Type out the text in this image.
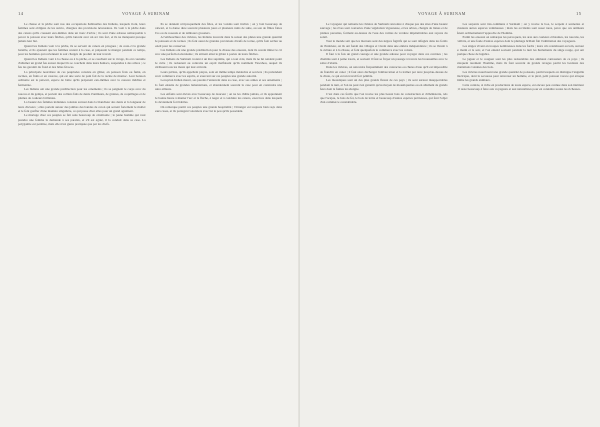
14	VOYAGE À SURINAM

Le chasse et la pêche sont nos des occupations habituelles des Indiens, lesquels n'ont, leurs femmes sont obligées de les suivre, chargées des provisions nécessaires. Ils vont à la pêche dans des canots qu'ils creusent eux-mêmes dans un tronc d'arbre ; ils sont d'une adresse remarquable à percer le poisson avec leurs flèches, qu'ils lancent avec un arc très fort, et ils ne manquent presque jamais leur but.

Quand les Indiens vont à la pêche, ils se servent de canots en pirogues ; de ceux-ci la grande bataille, et ils ajoutent que les femmes restent à la case, et préparent le manger pendant ce temps, pour les hommes qui reviennent le soir chargés du produit de leur travail.

Quand les Indiens vont à la chasse ou à la pêche, et se couchent sur le rivage, ils ont coutume d'allumer un grand feu autour duquel ils se couchent dans leurs hamacs, suspendus à des arbres ; ce feu les garantit du froid et des bêtes féroces.

La principale nourriture de ces peuplades consiste en gibier, en poisson frais ou fumé, en racines, en fruits et en cassave, qui est une sorte de pain fait de la racine de manioc. Leur boisson ordinaire est le paiwari, espèce de bière qu'ils préparent eux-mêmes avec la cassave mâchée et fermentée.

Les Indiens ont une grande prédilection pour les ornements ; ils se peignent le corps avec du roucou et du genipa, et portent des colliers faits de dents d'animaux, de graines, de coquillages et de plumes de couleurs brillantes.

La beauté des femmes indiennes consiste surtout dans la blancheur des dents et la longueur de leurs cheveux ; elles portent autour des jambes des bandes de coton qui serrent fortement le mollet et le font gonfler d'une manière singulière, ce qui passe chez elles pour un grand agrément.

Le mariage chez ces peuples se fait sans beaucoup de cérémonie ; le jeune homme qui veut prendre une femme la demande à ses parents, et s'il est agréé, il la conduit dans sa case. La polygamie est permise, mais elle n'est guère pratiquée que par les chefs.

Ils se donnent réciproquement des fêtes, et les voisins sont invités ; on y boit beaucoup de paiwari, et la danse dure souvent plusieurs jours et plusieurs nuits de suite, au son de flûtes faites d'os ou de roseaux et de tambours grossiers.

A l'embouchure des rivières, les Indiens trouvent dans la saison des pluies une grande quantité de poissons et de tortues ; ils font aussi de grandes provisions d'œufs de tortue, qu'ils font sécher au soleil pour les conserver.

Ces Indiens ont une grande prédilection pour la chasse des oiseaux, dont ils savent imiter le cri avec une perfection étonnante ; ils attirent ainsi le gibier à portée de leurs flèches.

Les Indiens de Surinam croient à un être suprême, qui a tout créé, mais ils ne lui rendent point de culte ; ils redoutent au contraire un esprit malfaisant qu'ils nomment Yawahou, auquel ils attribuent tous les maux qui leur arrivent.

Leurs prêtres, qu'ils appellent piayes, sont en même temps médecins et sorciers ; ils prétendent avoir commerce avec les esprits, et exercent sur ces peuples une grande autorité.

Lorsqu'un Indien meurt, ses parents l'enterrent dans sa case, avec ses armes et ses ornements ; ils font ensuite de grandes lamentations, et abandonnent souvent la case pour en construire une autre ailleurs.

Les enfants sont élevés avec beaucoup de douceur ; on ne les châtie jamais, et ils apprennent de bonne heure à manier l'arc et la flèche, à nager et à conduire les canots, exercices dans lesquels ils deviennent fort habiles.

On remarque parmi ces peuples une grande hospitalité ; l'étranger est toujours bien reçu dans leurs cases, et ils partagent volontiers avec lui le peu qu'ils possèdent.

VOYAGE À SURINAM	15

Le voyageur qui remonte les rivières de Surinam rencontre à chaque pas des sites d'une beauté sauvage ; les rives sont couvertes d'une végétation vigoureuse, et les arbres, chargés de lianes et de plantes parasites, forment au-dessus de l'eau des voûtes de verdure impénétrables aux rayons du soleil.

Tout le monde sait que les marrons sont des nègres fugitifs qui se sont réfugiés dans les forêts de l'intérieur, où ils ont fondé des villages et vivent dans une entière indépendance ; ils se livrent à la culture et à la chasse, et font quelquefois le commerce avec les colons.

Il faut à la fois un grand courage et une grande adresse pour voyager dans ces contrées ; les chemins sont à peine tracés, et souvent il faut se frayer un passage à travers les broussailles avec le sabre d'abatis.

Dans les rivières, on rencontre fréquemment des cataractes ou chutes d'eau qu'il est impossible de franchir en canot ; il faut alors décharger l'embarcation et la traîner par terre jusqu'au-dessus de la chute, ce qui est un travail fort pénible.

Les moustiques sont un des plus grands fléaux de ces pays ; ils sont surtout insupportables pendant la nuit, et l'on ne peut s'en garantir qu'au moyen de moustiquaires ou en allumant de grands feux dont la fumée les éloigne.

C'est dans ces forêts que l'on trouve les plus beaux bois de construction et d'ébénisterie, tels que l'acajou, le bois de fer, le bois de lettre et beaucoup d'autres espèces précieuses, qui font l'objet d'un commerce considérable.

Les serpents sont très-communs à Surinam ; on y trouve le boa, le serpent à sonnettes et plusieurs autres espèces venimeuses ; mais les accidents sont assez rares, parce que ces animaux fuient ordinairement l'approche de l'homme.

Parmi les oiseaux on remarque les perroquets, les aras aux couleurs éclatantes, les toucans, les colibris, et une foule d'autres espèces dont le plumage brillant fait l'admiration des voyageurs.

Les singes vivent en troupes nombreuses dans les forêts ; leurs cris retentissent au loin, surtout le matin et le soir, et l'on entend souvent pendant la nuit les hurlements du singe rouge, qui ont quelque chose de lugubre.

Le jaguar et le couguar sont les plus redoutables des animaux carnassiers de ce pays ; ils attaquent rarement l'homme, mais ils font souvent de grands ravages parmi les bestiaux des plantations voisines des bois.

Les rivières nourrissent une grande quantité de poissons, parmi lesquels on distingue l'anguille électrique, dont la secousse peut renverser un homme, et le piraï, petit poisson vorace qui attaque même les grands animaux.

Cette contrée, si riche en productions de toute espèce, est encore peu connue dans son intérieur ; il reste beaucoup à faire aux voyageurs et aux naturalistes pour en connaître toutes les richesses.
